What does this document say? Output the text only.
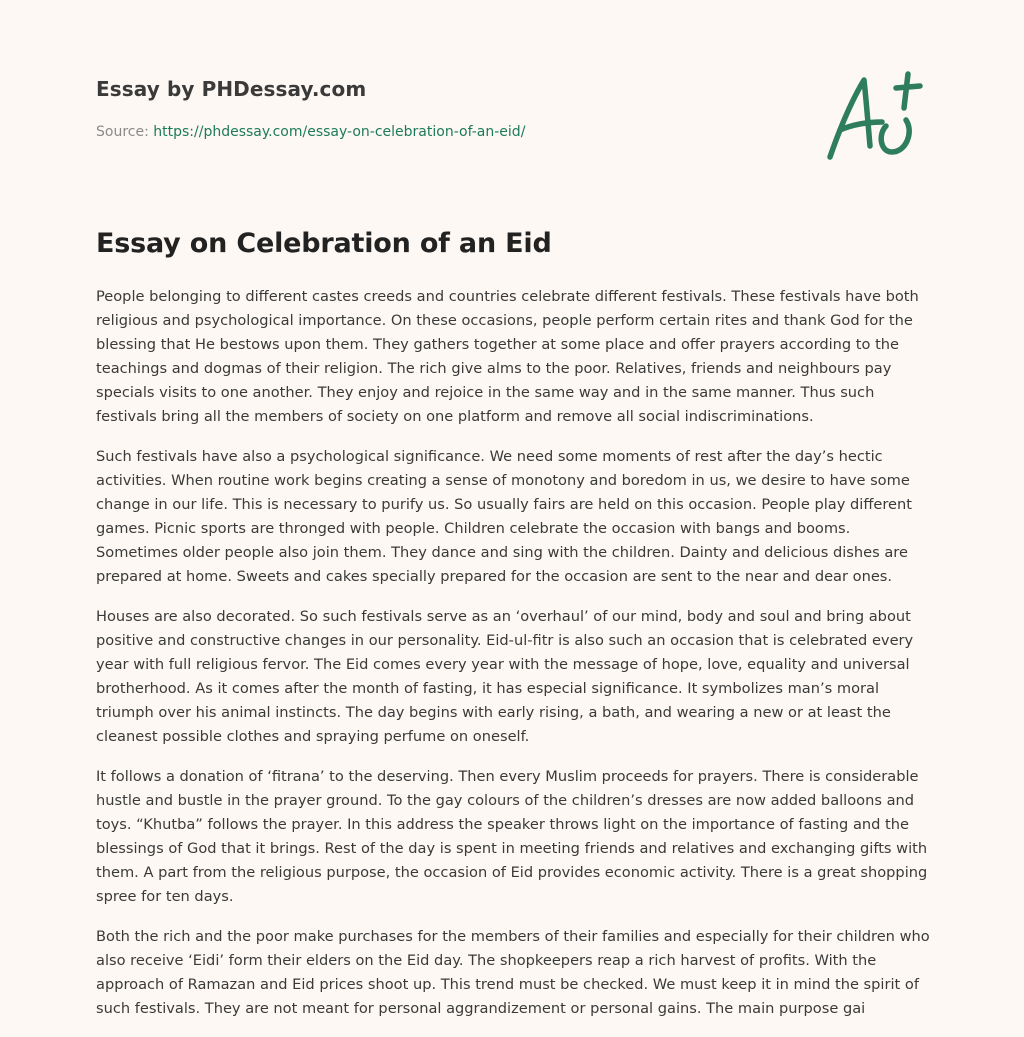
Essay by PHDessay.com
Source: https://phdessay.com/essay-on-celebration-of-an-eid/
Essay on Celebration of an Eid

People belonging to different castes creeds and countries celebrate different festivals. These festivals have both religious and psychological importance. On these occasions, people perform certain rites and thank God for the blessing that He bestows upon them. They gathers together at some place and offer prayers according to the teachings and dogmas of their religion. The rich give alms to the poor. Relatives, friends and neighbours pay specials visits to one another. They enjoy and rejoice in the same way and in the same manner. Thus such festivals bring all the members of society on one platform and remove all social indiscriminations.

Such festivals have also a psychological significance. We need some moments of rest after the day’s hectic activities. When routine work begins creating a sense of monotony and boredom in us, we desire to have some change in our life. This is necessary to purify us. So usually fairs are held on this occasion. People play different games. Picnic sports are thronged with people. Children celebrate the occasion with bangs and booms. Sometimes older people also join them. They dance and sing with the children. Dainty and delicious dishes are prepared at home. Sweets and cakes specially prepared for the occasion are sent to the near and dear ones.

Houses are also decorated. So such festivals serve as an ‘overhaul’ of our mind, body and soul and bring about positive and constructive changes in our personality. Eid-ul-fitr is also such an occasion that is celebrated every year with full religious fervor. The Eid comes every year with the message of hope, love, equality and universal brotherhood. As it comes after the month of fasting, it has especial significance. It symbolizes man’s moral triumph over his animal instincts. The day begins with early rising, a bath, and wearing a new or at least the cleanest possible clothes and spraying perfume on oneself.

It follows a donation of ‘fitrana’ to the deserving. Then every Muslim proceeds for prayers. There is considerable hustle and bustle in the prayer ground. To the gay colours of the children’s dresses are now added balloons and toys. “Khutba” follows the prayer. In this address the speaker throws light on the importance of fasting and the blessings of God that it brings. Rest of the day is spent in meeting friends and relatives and exchanging gifts with them. A part from the religious purpose, the occasion of Eid provides economic activity. There is a great shopping spree for ten days.

Both the rich and the poor make purchases for the members of their families and especially for their children who also receive ‘Eidi’ form their elders on the Eid day. The shopkeepers reap a rich harvest of profits. With the approach of Ramazan and Eid prices shoot up. This trend must be checked. We must keep it in mind the spirit of such festivals. They are not meant for personal aggrandizement or personal gains. The main purpose gai
